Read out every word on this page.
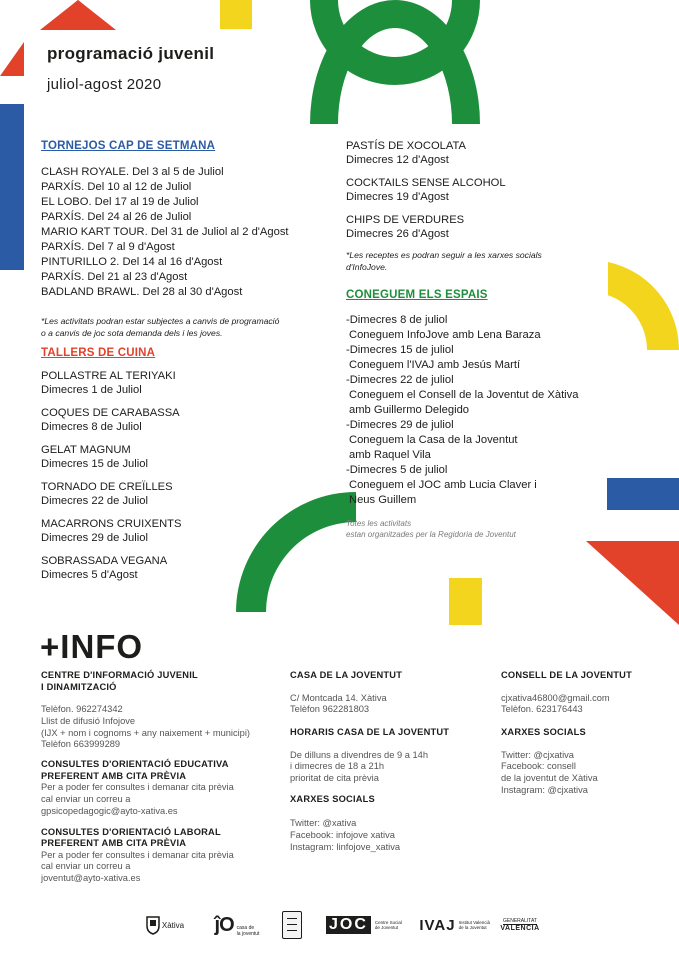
programació juvenil
juliol-agost 2020
TORNEJOS CAP DE SETMANA
CLASH ROYALE. Del 3 al 5 de Juliol
PARXÍS. Del 10 al 12 de Juliol
EL LOBO. Del 17 al 19 de Juliol
PARXÍS. Del 24 al 26 de Juliol
MARIO KART TOUR. Del 31 de Juliol al 2 d'Agost
PARXÍS. Del 7 al 9 d'Agost
PINTURILLO 2. Del 14 al 16 d'Agost
PARXÍS. Del 21 al 23 d'Agost
BADLAND BRAWL. Del 28 al 30 d'Agost
*Les activitats podran estar subjectes a canvis de programació
o a canvis de joc sota demanda dels i les joves.
TALLERS DE CUINA
POLLASTRE AL TERIYAKI
Dimecres 1 de Juliol
COQUES DE CARABASSA
Dimecres 8 de Juliol
GELAT MAGNUM
Dimecres 15 de Juliol
TORNADO DE CREÏLLES
Dimecres 22 de Juliol
MACARRONS CRUIXENTS
Dimecres 29 de Juliol
SOBRASSADA VEGANA
Dimecres 5 d'Agost
PASTÍS DE XOCOLATA
Dimecres 12 d'Agost
COCKTAILS SENSE ALCOHOL
Dimecres 19 d'Agost
CHIPS DE VERDURES
Dimecres 26 d'Agost
*Les receptes es podran seguir a les xarxes socials
d'InfoJove.
CONEGUEM ELS ESPAIS
-Dimecres 8 de juliol
Coneguem InfoJove amb Lena Baraza
-Dimecres 15 de juliol
Coneguem l'IVAJ amb Jesús Martí
-Dimecres 22 de juliol
Coneguem el Consell de la Joventut de Xàtiva
amb Guillermo Delegido
-Dimecres 29 de juliol
Coneguem la Casa de la Joventut
amb Raquel Vila
-Dimecres 5 de juliol
Coneguem el JOC amb Lucia Claver i
Neus Guillem
Totes les activitats
estan organitzades per la Regidoria de Joventut
+INFO
CENTRE D'INFORMACIÓ JUVENIL
I DINAMITZACIÓ
Telèfon. 962274342
Llist de difusió Infojove
(IJX + nom i cognoms + any naixement + municipi)
Telèfon 663999289
CONSULTES D'ORIENTACIÓ EDUCATIVA
PREFERENT AMB CITA PRÈVIA
Per a poder fer consultes i demanar cita prèvia
cal enviar un correu a
gpsicopedagogic@ayto-xativa.es
CONSULTES D'ORIENTACIÓ LABORAL
PREFERENT AMB CITA PRÈVIA
Per a poder fer consultes i demanar cita prèvia
cal enviar un correu a
joventut@ayto-xativa.es
CASA DE LA JOVENTUT
C/ Montcada 14. Xàtiva
Telèfon 962281803
HORARIS CASA DE LA JOVENTUT
De dilluns a divendres de 9 a 14h
i dimecres de 18 a 21h
prioritat de cita prèvia
XARXES SOCIALS
Twitter: @xativa
Facebook: infojove xativa
Instagram: linfojove_xativa
CONSELL DE LA JOVENTUT
cjxativa46800@gmail.com
Telèfon. 623176443
XARXES SOCIALS
Twitter: @cjxativa
Facebook: consell
de la joventut de Xàtiva
Instagram: @cjxativa
Xàtiva ĵO casa de
la joventut
JOC	Centre Social de Joventut IVAJ Institut Valencià de la Joventut
GENERALITAT
VALENCIA
